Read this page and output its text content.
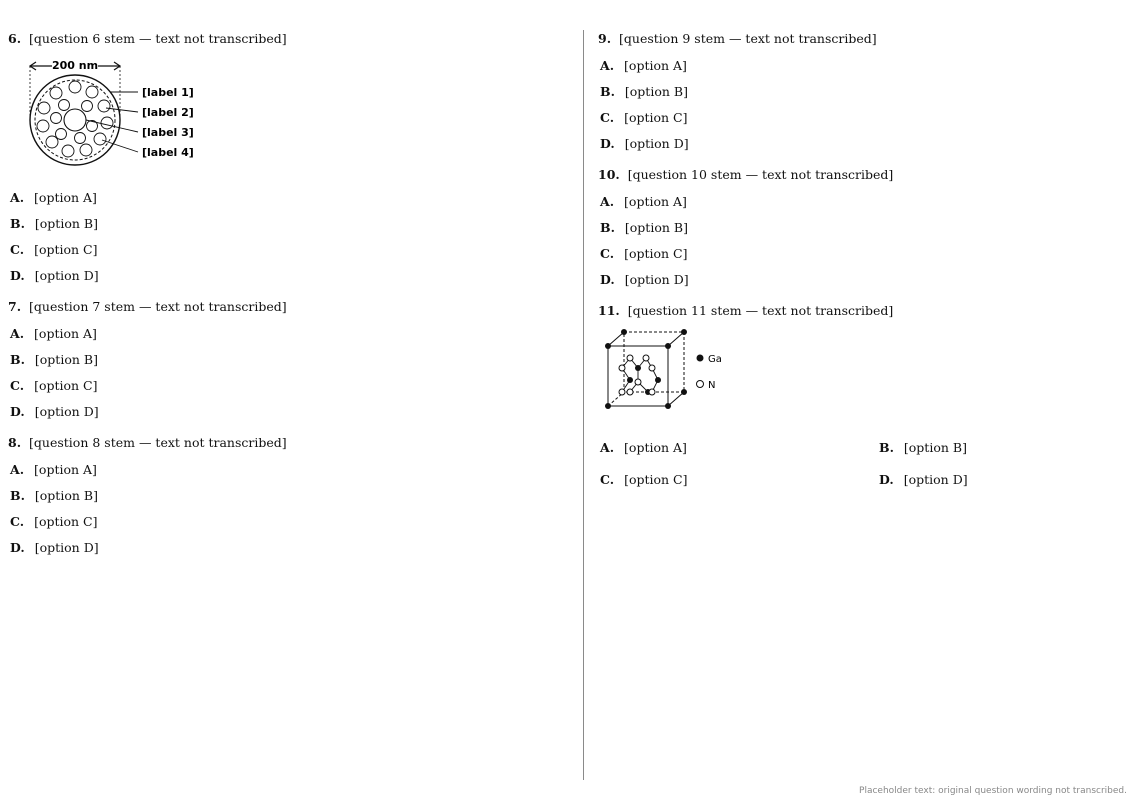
6. [question 6 stem — text not transcribed]
200 nm
[label 1]
[label 2]
[label 3]
[label 4]
A. [option A]
B. [option B]
C. [option C]
D. [option D]
7. [question 7 stem — text not transcribed]
A. [option A]
B. [option B]
C. [option C]
D. [option D]
8. [question 8 stem — text not transcribed]
A. [option A]
B. [option B]
C. [option C]
D. [option D]
9. [question 9 stem — text not transcribed]
A. [option A]
B. [option B]
C. [option C]
D. [option D]
10. [question 10 stem — text not transcribed]
A. [option A]
B. [option B]
C. [option C]
D. [option D]
11. [question 11 stem — text not transcribed]
Ga
N
A. [option A]	B. [option B]
C. [option C]	D. [option D]
Placeholder text: original question wording not transcribed.
